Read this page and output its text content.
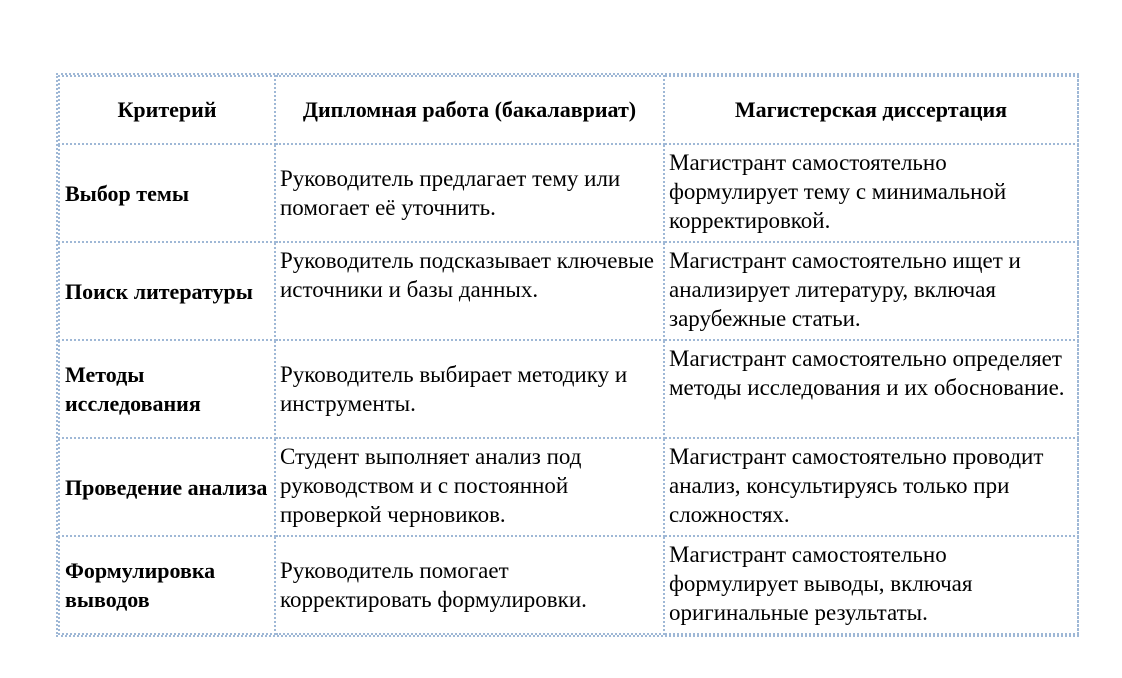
Критерий	Дипломная работа (бакалавриат)	Магистерская диссертация
Выбор темы	Руководитель предлагает тему или помогает её уточнить.	Магистрант самостоятельно формулирует тему с минимальной корректировкой.
Поиск литературы	Руководитель подсказывает ключевые источники и базы данных.	Магистрант самостоятельно ищет и анализирует литературу, включая зарубежные статьи.
Методы исследования	Руководитель выбирает методику и инструменты.	Магистрант самостоятельно определяет методы исследования и их обоснование.
Проведение анализа	Студент выполняет анализ под руководством и с постоянной проверкой черновиков.	Магистрант самостоятельно проводит анализ, консультируясь только при сложностях.
Формулировка выводов	Руководитель помогает корректировать формулировки.	Магистрант самостоятельно формулирует выводы, включая оригинальные результаты.
